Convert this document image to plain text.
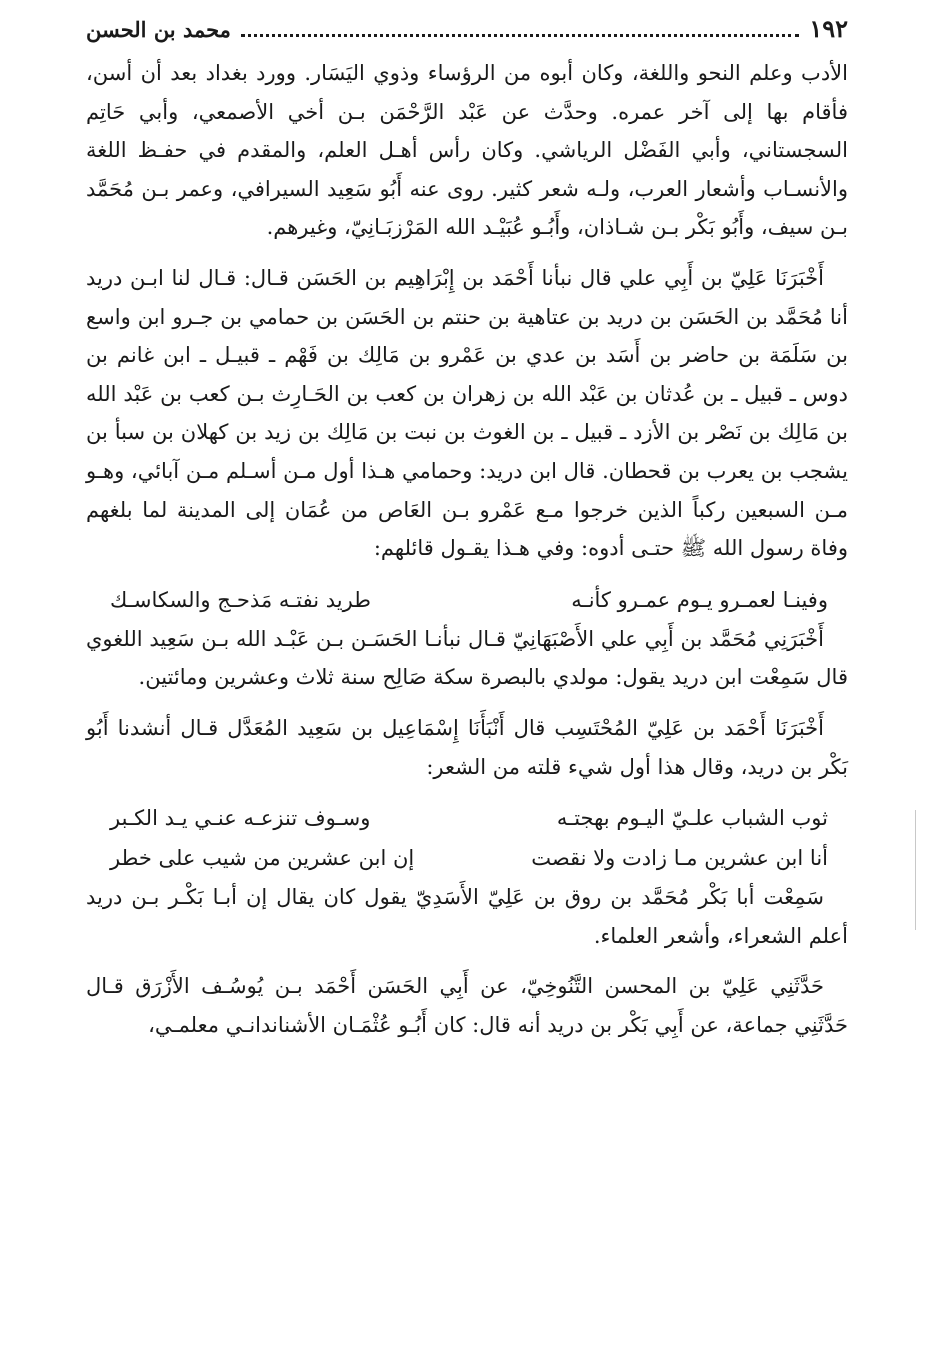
١٩٢
محمد بن الحسن

الأدب وعلم النحو واللغة، وكان أبوه من الرؤساء وذوي اليَسَار. وورد بغداد بعد أن أسن، فأقام بها إلى آخر عمره. وحدَّث عن عَبْد الرَّحْمَن بـن أخي الأصمعي، وأبي حَاتِم السجستاني، وأبي الفَضْل الرياشي. وكان رأس أهـل العلم، والمقدم في حفـظ اللغة والأنسـاب وأشعار العرب، ولـه شعر كثير. روى عنه أَبُو سَعِيد السيرافي، وعمر بـن مُحَمَّد بـن سيف، وأَبُو بَكْر بـن شـاذان، وأَبُـو عُبَيْـد الله المَرْزبَـانِيّ، وغيرهم.

أَخْبَرَنَا عَلِيّ بن أَبِي علي قال نبأنا أَحْمَد بن إِبْرَاهِيم بن الحَسَن قـال: قـال لنا ابـن دريد أنا مُحَمَّد بن الحَسَن بن دريد بن عتاهية بن حنتم بن الحَسَن بن حمامي بن جـرو ابن واسع بن سَلَمَة بن حاضر بن أَسَد بن عدي بن عَمْرو بن مَالِك بن فَهْم ـ قبيـل ـ ابن غانم بن دوس ـ قبيل ـ بن عُدثان بن عَبْد الله بن زهران بن كعب بن الحَـارِث بـن كعب بن عَبْد الله بن مَالِك بن نَصْر بن الأزد ـ قبيل ـ بن الغوث بن نبت بن مَالِك بن زيد بن كهلان بن سبأ بن يشجب بن يعرب بن قحطان. قال ابن دريد: وحمامي هـذا أول مـن أسـلم مـن آبائي، وهـو مـن السبعين ركباً الذين خرجوا مـع عَمْرو بـن العَاص من عُمَان إلى المدينة لما بلغهم وفاة رسول الله ﷺ حتـى أدوه: وفي هـذا يقـول قائلهم:

وفينـا لعمـرو يـوم عمـرو كأنـه
طريد نفتـه مَذحـج والسكاسـك

أَخْبَرَنِي مُحَمَّد بن أَبِي علي الأَصْبَهَانِيّ قـال نبأنـا الحَسَـن بـن عَبْـد الله بـن سَعِيد اللغوي قال سَمِعْت ابن دريد يقول: مولدي بالبصرة سكة صَالِح سنة ثلاث وعشرين ومائتين.

أَخْبَرَنَا أَحْمَد بن عَلِيّ المُحْتَسِب قال أَنْبَأَنَا إِسْمَاعِيل بن سَعِيد المُعَدَّل قـال أنشدنا أَبُو بَكْر بن دريد، وقال هذا أول شيء قلته من الشعر:

ثوب الشباب علـيّ اليـوم بهجتـه
وسـوف تنزعـه عنـي يـد الكـبر
أنا ابن عشرين مـا زادت ولا نقصت
إن ابن عشرين من شيب على خطر

سَمِعْت أبا بَكْر مُحَمَّد بن روق بن عَلِيّ الأَسَدِيّ يقول كان يقال إن أبـا بَكْـر بـن دريد أعلم الشعراء، وأشعر العلماء.

حَدَّثَنِي عَلِيّ بن المحسن التَّنُوخِيّ، عن أَبِي الحَسَن أَحْمَد بـن يُوسُـف الأَزْرَق قـال حَدَّثَنِي جماعة، عن أَبِي بَكْر بن دريد أنه قال: كان أَبُـو عُثْمَـان الأشناندانـي معلمـي،
